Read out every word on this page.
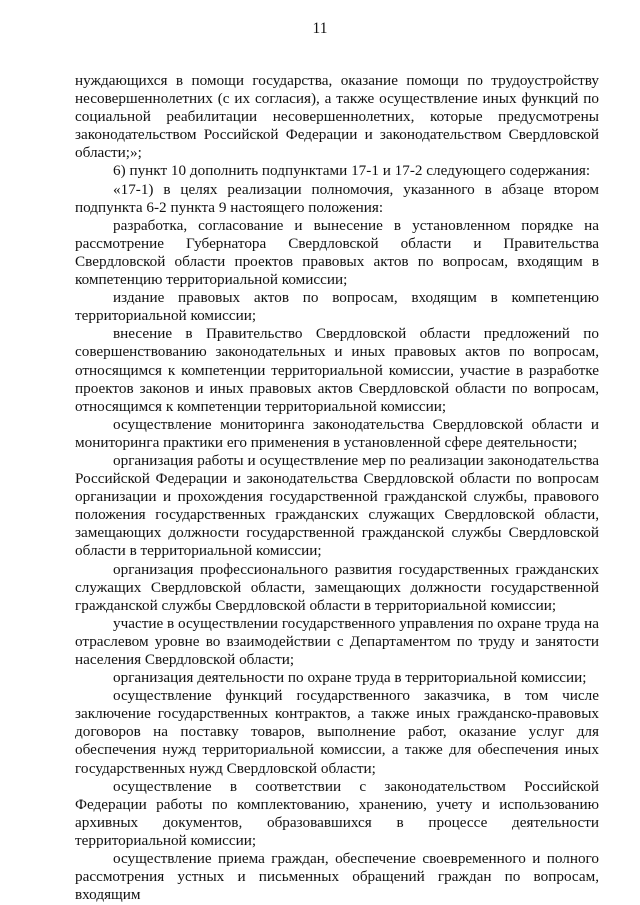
11

нуждающихся в помощи государства, оказание помощи по трудоустройству несовершеннолетних (с их согласия), а также осуществление иных функций по социальной реабилитации несовершеннолетних, которые предусмотрены законодательством Российской Федерации и законодательством Свердловской области;»;

6) пункт 10 дополнить подпунктами 17-1 и 17-2 следующего содержания:

«17-1) в целях реализации полномочия, указанного в абзаце втором подпункта 6-2 пункта 9 настоящего положения:

разработка, согласование и вынесение в установленном порядке на рассмотрение Губернатора Свердловской области и Правительства Свердловской области проектов правовых актов по вопросам, входящим в компетенцию территориальной комиссии;

издание правовых актов по вопросам, входящим в компетенцию территориальной комиссии;

внесение в Правительство Свердловской области предложений по совершенствованию законодательных и иных правовых актов по вопросам, относящимся к компетенции территориальной комиссии, участие в разработке проектов законов и иных правовых актов Свердловской области по вопросам, относящимся к компетенции территориальной комиссии;

осуществление мониторинга законодательства Свердловской области и мониторинга практики его применения в установленной сфере деятельности;

организация работы и осуществление мер по реализации законодательства Российской Федерации и законодательства Свердловской области по вопросам организации и прохождения государственной гражданской службы, правового положения государственных гражданских служащих Свердловской области, замещающих должности государственной гражданской службы Свердловской области в территориальной комиссии;

организация профессионального развития государственных гражданских служащих Свердловской области, замещающих должности государственной гражданской службы Свердловской области в территориальной комиссии;

участие в осуществлении государственного управления по охране труда на отраслевом уровне во взаимодействии с Департаментом по труду и занятости населения Свердловской области;

организация деятельности по охране труда в территориальной комиссии;

осуществление функций государственного заказчика, в том числе заключение государственных контрактов, а также иных гражданско-правовых договоров на поставку товаров, выполнение работ, оказание услуг для обеспечения нужд территориальной комиссии, а также для обеспечения иных государственных нужд Свердловской области;

осуществление в соответствии с законодательством Российской Федерации работы по комплектованию, хранению, учету и использованию архивных документов, образовавшихся в процессе деятельности территориальной комиссии;

осуществление приема граждан, обеспечение своевременного и полного рассмотрения устных и письменных обращений граждан по вопросам, входящим
